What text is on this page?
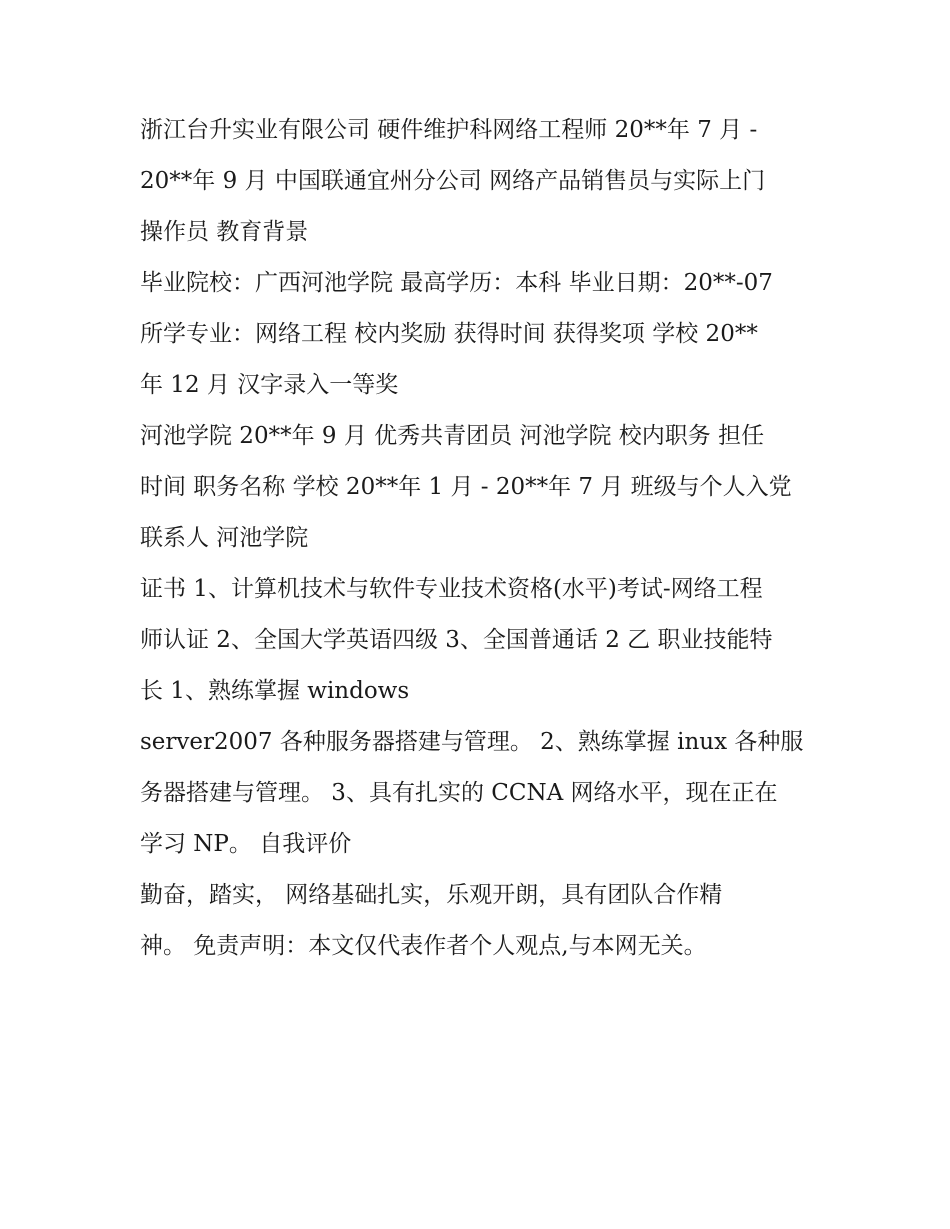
浙江台升实业有限公司 硬件维护科网络工程师 20**年 7 月 -
20**年 9 月 中国联通宜州分公司 网络产品销售员与实际上门
操作员 教育背景
毕业院校：广西河池学院 最高学历：本科 毕业日期：20**-07
所学专业：网络工程 校内奖励 获得时间 获得奖项 学校 20**
年 12 月 汉字录入一等奖
河池学院 20**年 9 月 优秀共青团员 河池学院 校内职务 担任
时间 职务名称 学校 20**年 1 月 - 20**年 7 月 班级与个人入党
联系人 河池学院
证书 1、计算机技术与软件专业技术资格(水平)考试-网络工程
师认证 2、全国大学英语四级 3、全国普通话 2 乙 职业技能特
长 1、熟练掌握 windows
server2007 各种服务器搭建与管理。 2、熟练掌握 inux 各种服
务器搭建与管理。 3、具有扎实的 CCNA 网络水平，现在正在
学习 NP。 自我评价
勤奋，踏实， 网络基础扎实，乐观开朗，具有团队合作精
神。 免责声明：本文仅代表作者个人观点,与本网无关。
